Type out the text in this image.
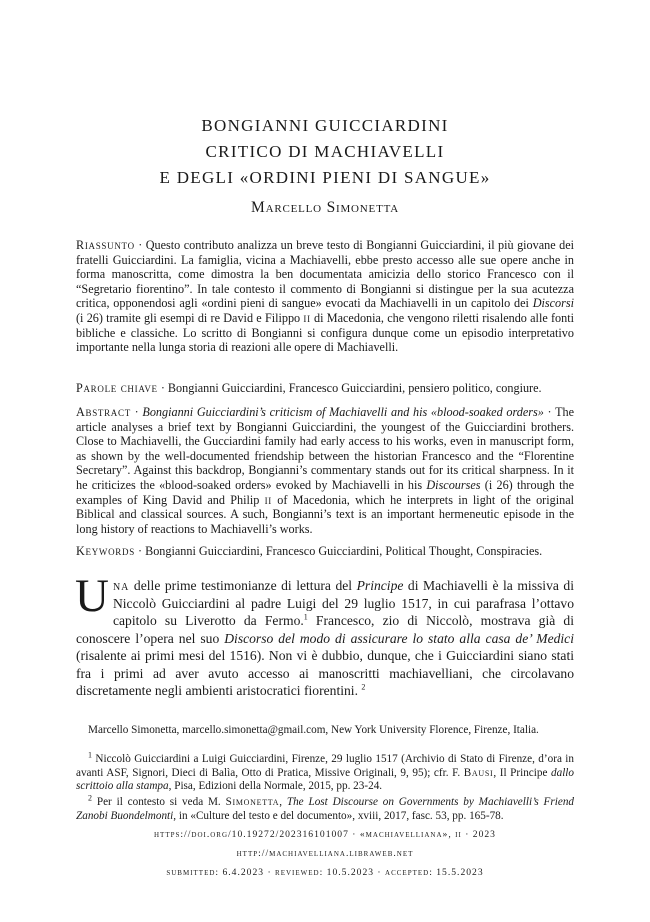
BONGIANNI GUICCIARDINI
CRITICO DI MACHIAVELLI
E DEGLI «ORDINI PIENI DI SANGUE»
Marcello Simonetta

Riassunto · Questo contributo analizza un breve testo di Bongianni Guicciardini, il più giovane dei fratelli Guicciardini. La famiglia, vicina a Machiavelli, ebbe presto accesso alle sue opere anche in forma manoscritta, come dimostra la ben documentata amicizia dello storico Francesco con il “Segretario fiorentino”. In tale contesto il commento di Bongianni si distingue per la sua acutezza critica, opponendosi agli «ordini pieni di sangue» evocati da Machiavelli in un capitolo dei Discorsi (i 26) tramite gli esempi di re David e Filippo ii di Macedonia, che vengono riletti risalendo alle fonti bibliche e classiche. Lo scritto di Bongianni si configura dunque come un episodio interpretativo importante nella lunga storia di reazioni alle opere di Machiavelli.

Parole chiave · Bongianni Guicciardini, Francesco Guicciardini, pensiero politico, congiure.

Abstract · Bongianni Guicciardini’s criticism of Machiavelli and his «blood-soaked orders» · The article analyses a brief text by Bongianni Guicciardini, the youngest of the Guicciardini brothers. Close to Machiavelli, the Gucciardini family had early access to his works, even in manuscript form, as shown by the well-documented friendship between the historian Francesco and the “Florentine Secretary”. Against this backdrop, Bongianni’s commentary stands out for its critical sharpness. In it he criticizes the «blood-soaked orders» evoked by Machiavelli in his Discourses (i 26) through the examples of King David and Philip ii of Macedonia, which he interprets in light of the original Biblical and classical sources. A such, Bongianni’s text is an important hermeneutic episode in the long history of reactions to Machiavelli’s works.

Keywords · Bongianni Guicciardini, Francesco Guicciardini, Political Thought, Conspiracies.

Una delle prime testimonianze di lettura del Principe di Machiavelli è la missiva di Niccolò Guicciardini al padre Luigi del 29 luglio 1517, in cui parafrasa l’ottavo capitolo su Liverotto da Fermo.$^1$ Francesco, zio di Niccolò, mostrava già di conoscere l’opera nel suo Discorso del modo di assicurare lo stato alla casa de’ Medici (risalente ai primi mesi del 1516). Non vi è dubbio, dunque, che i Guicciardini siano stati fra i primi ad aver avuto accesso ai manoscritti machiavelliani, che circolavano discretamente negli ambienti aristocratici fiorentini. $^2$

Marcello Simonetta, marcello.simonetta@gmail.com, New York University Florence, Firenze, Italia.

$^1$ Niccolò Guicciardini a Luigi Guicciardini, Firenze, 29 luglio 1517 (Archivio di Stato di Firenze, d’ora in avanti ASF, Signori, Dieci di Balìa, Otto di Pratica, Missive Originali, 9, 95); cfr. F. Bausi, Il Principe dallo scrittoio alla stampa, Pisa, Edizioni della Normale, 2015, pp. 23-24.

$^2$ Per il contesto si veda M. Simonetta, The Lost Discourse on Governments by Machiavelli’s Friend Zanobi Buondelmonti, in «Culture del testo e del documento», xviii, 2017, fasc. 53, pp. 165-78.

https://doi.org/10.19272/202316101007 · «machiavelliana», ii · 2023
http://machiavelliana.libraweb.net
submitted: 6.4.2023 · reviewed: 10.5.2023 · accepted: 15.5.2023
